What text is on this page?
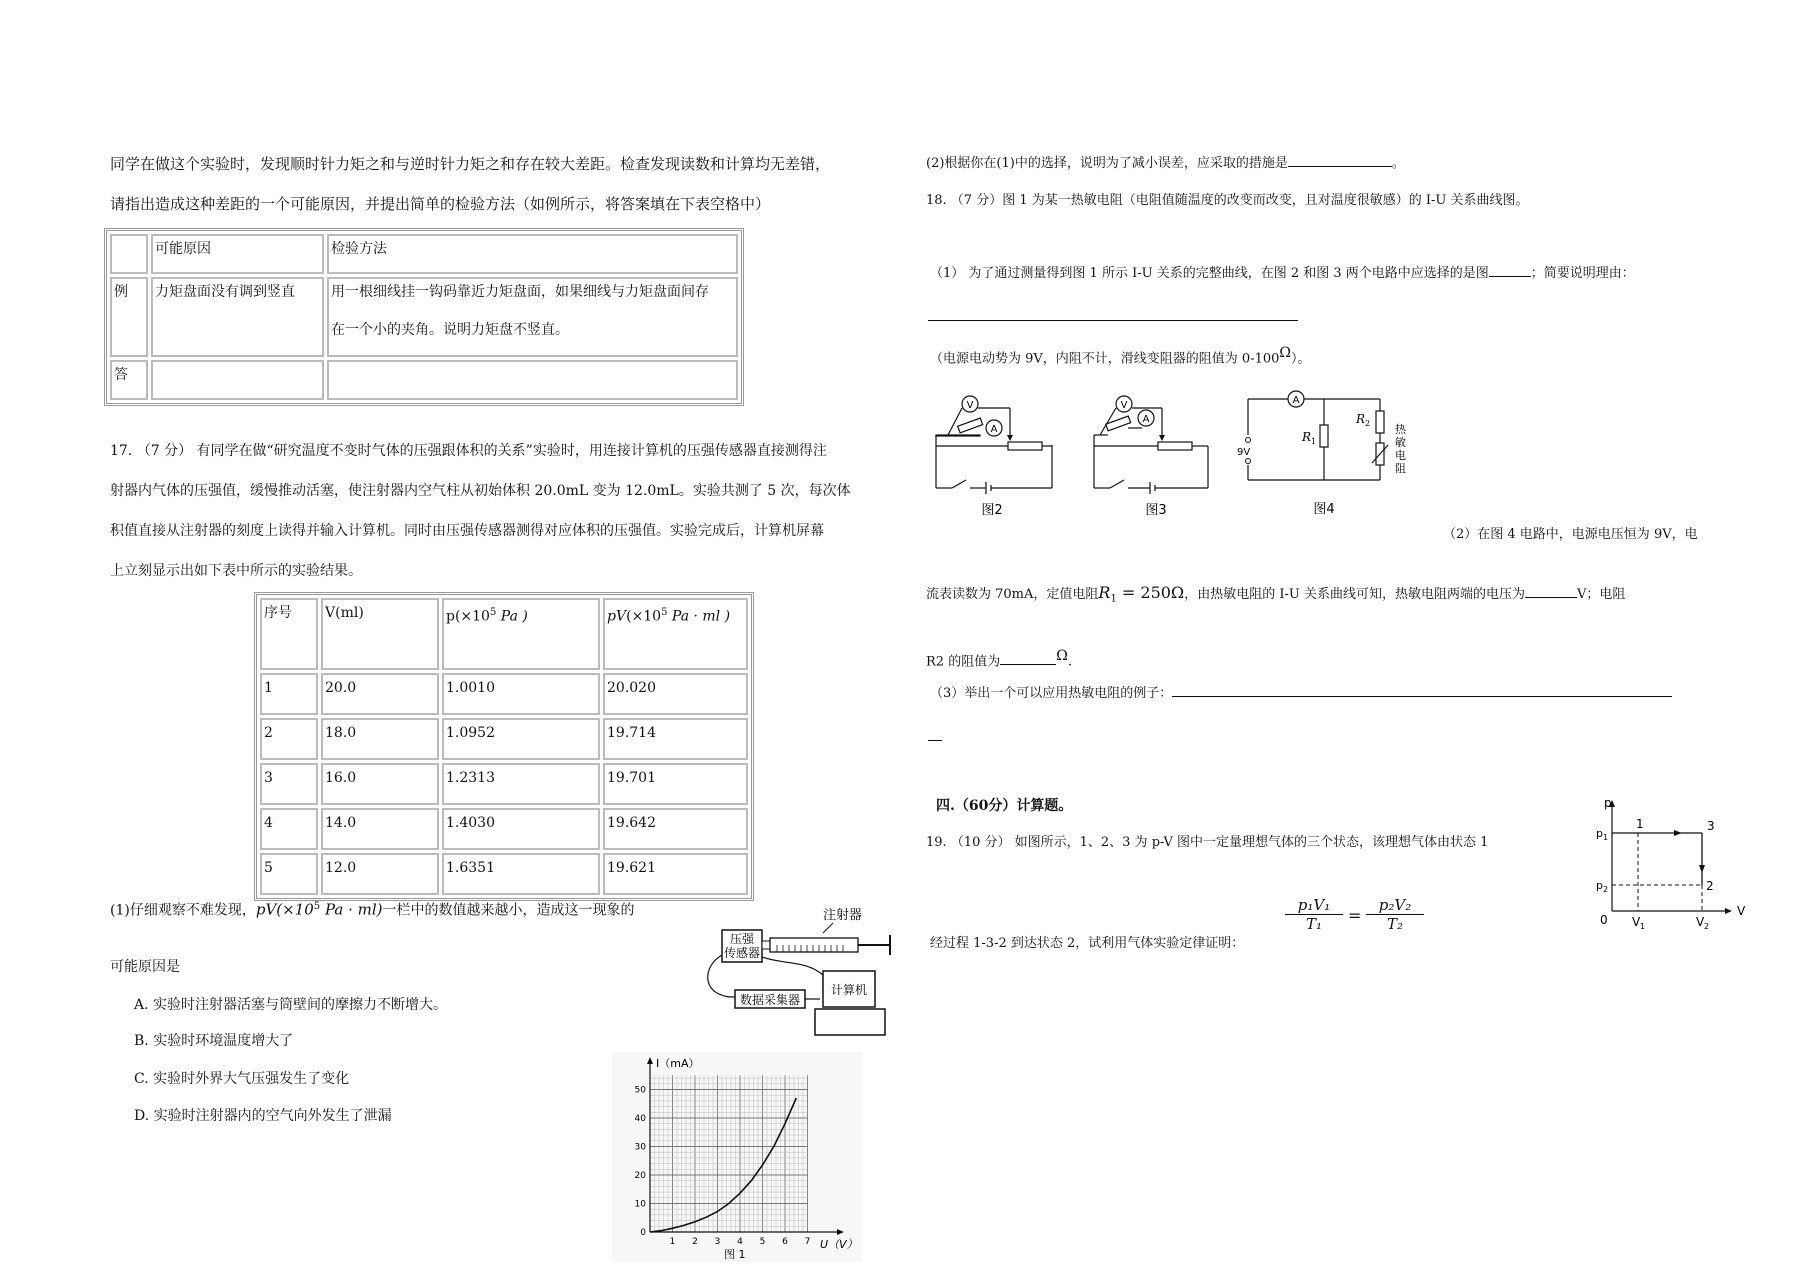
同学在做这个实验时，发现顺时针力矩之和与逆时针力矩之和存在较大差距。检查发现读数和计算均无差错，
请指出造成这种差距的一个可能原因，并提出简单的检验方法（如例所示，将答案填在下表空格中）
	可能原因	检验方法
例	力矩盘面没有调到竖直	用一根细线挂一钩码靠近力矩盘面，如果细线与力矩盘面间存
在一个小的夹角。说明力矩盘不竖直。

答		
17. （7 分） 有同学在做“研究温度不变时气体的压强跟体积的关系”实验时，用连接计算机的压强传感器直接测得注
射器内气体的压强值，缓慢推动活塞，使注射器内空气柱从初始体积 20.0mL 变为 12.0mL。实验共测了 5 次，每次体
积值直接从注射器的刻度上读得并输入计算机。同时由压强传感器测得对应体积的压强值。实验完成后，计算机屏幕
上立刻显示出如下表中所示的实验结果。
序号	V(ml)	$p(\times 10^5$ Pa )	$pV(\times 10^5$ Pa · ml )
1	20.0	1.0010	20.020
2	18.0	1.0952	19.714
3	16.0	1.2313	19.701
4	14.0	1.4030	19.642
5	12.0	1.6351	19.621
(1)仔细观察不难发现，$pV(\times 10^5$ Pa · ml)一栏中的数值越来越小，造成这一现象的
可能原因是
A. 实验时注射器活塞与筒壁间的摩擦力不断增大。
B. 实验时环境温度增大了
C. 实验时外界大气压强发生了变化
D. 实验时注射器内的空气向外发生了泄漏
注射器
压强
传感器
数据采集器
计算机
I（mA）
U（V）
图 1
0
10
20
30
40
50
1 2 3 4 5 6 7
(2)根据你在(1)中的选择，说明为了减小误差，应采取的措施是	。
18. （7 分）图 1 为某一热敏电阻（电阻值随温度的改变而改变，且对温度很敏感）的 I-U 关系曲线图。
（1） 为了通过测量得到图 1 所示 I-U 关系的完整曲线，在图 2 和图 3 两个电路中应选择的是图	；简要说明理由：
（电源电动势为 9V，内阻不计，滑线变阻器的阻值为 $0-100^\Omega$）。
V
A
图2
V
A
图3
A
9V
R 1
R 2 热
敏
电
阻
图4
（2）在图 4 电路中，电源电压恒为 9V，电
流表读数为 70mA，定值电阻$R_1 = 250\Omega$，由热敏电阻的 I-U 关系曲线可知，热敏电阻两端的电压为	V；电阻
R2 的阻值为	$^\Omega$.
（3）举出一个可以应用热敏电阻的例子：
四.（60分）计算题。
19. （10 分） 如图所示，1、2、3 为 p-V 图中一定量理想气体的三个状态，该理想气体由状态 1
经过程 1-3-2 到达状态 2，试利用气体实验定律证明：
$\frac{\text{p₁V₁}}{\text{T₁}} = \frac{\text{p₂V₂}}{\text{T₂}}$
p
V
0
p 1
p 2
V 1	V 2
1	3
2
